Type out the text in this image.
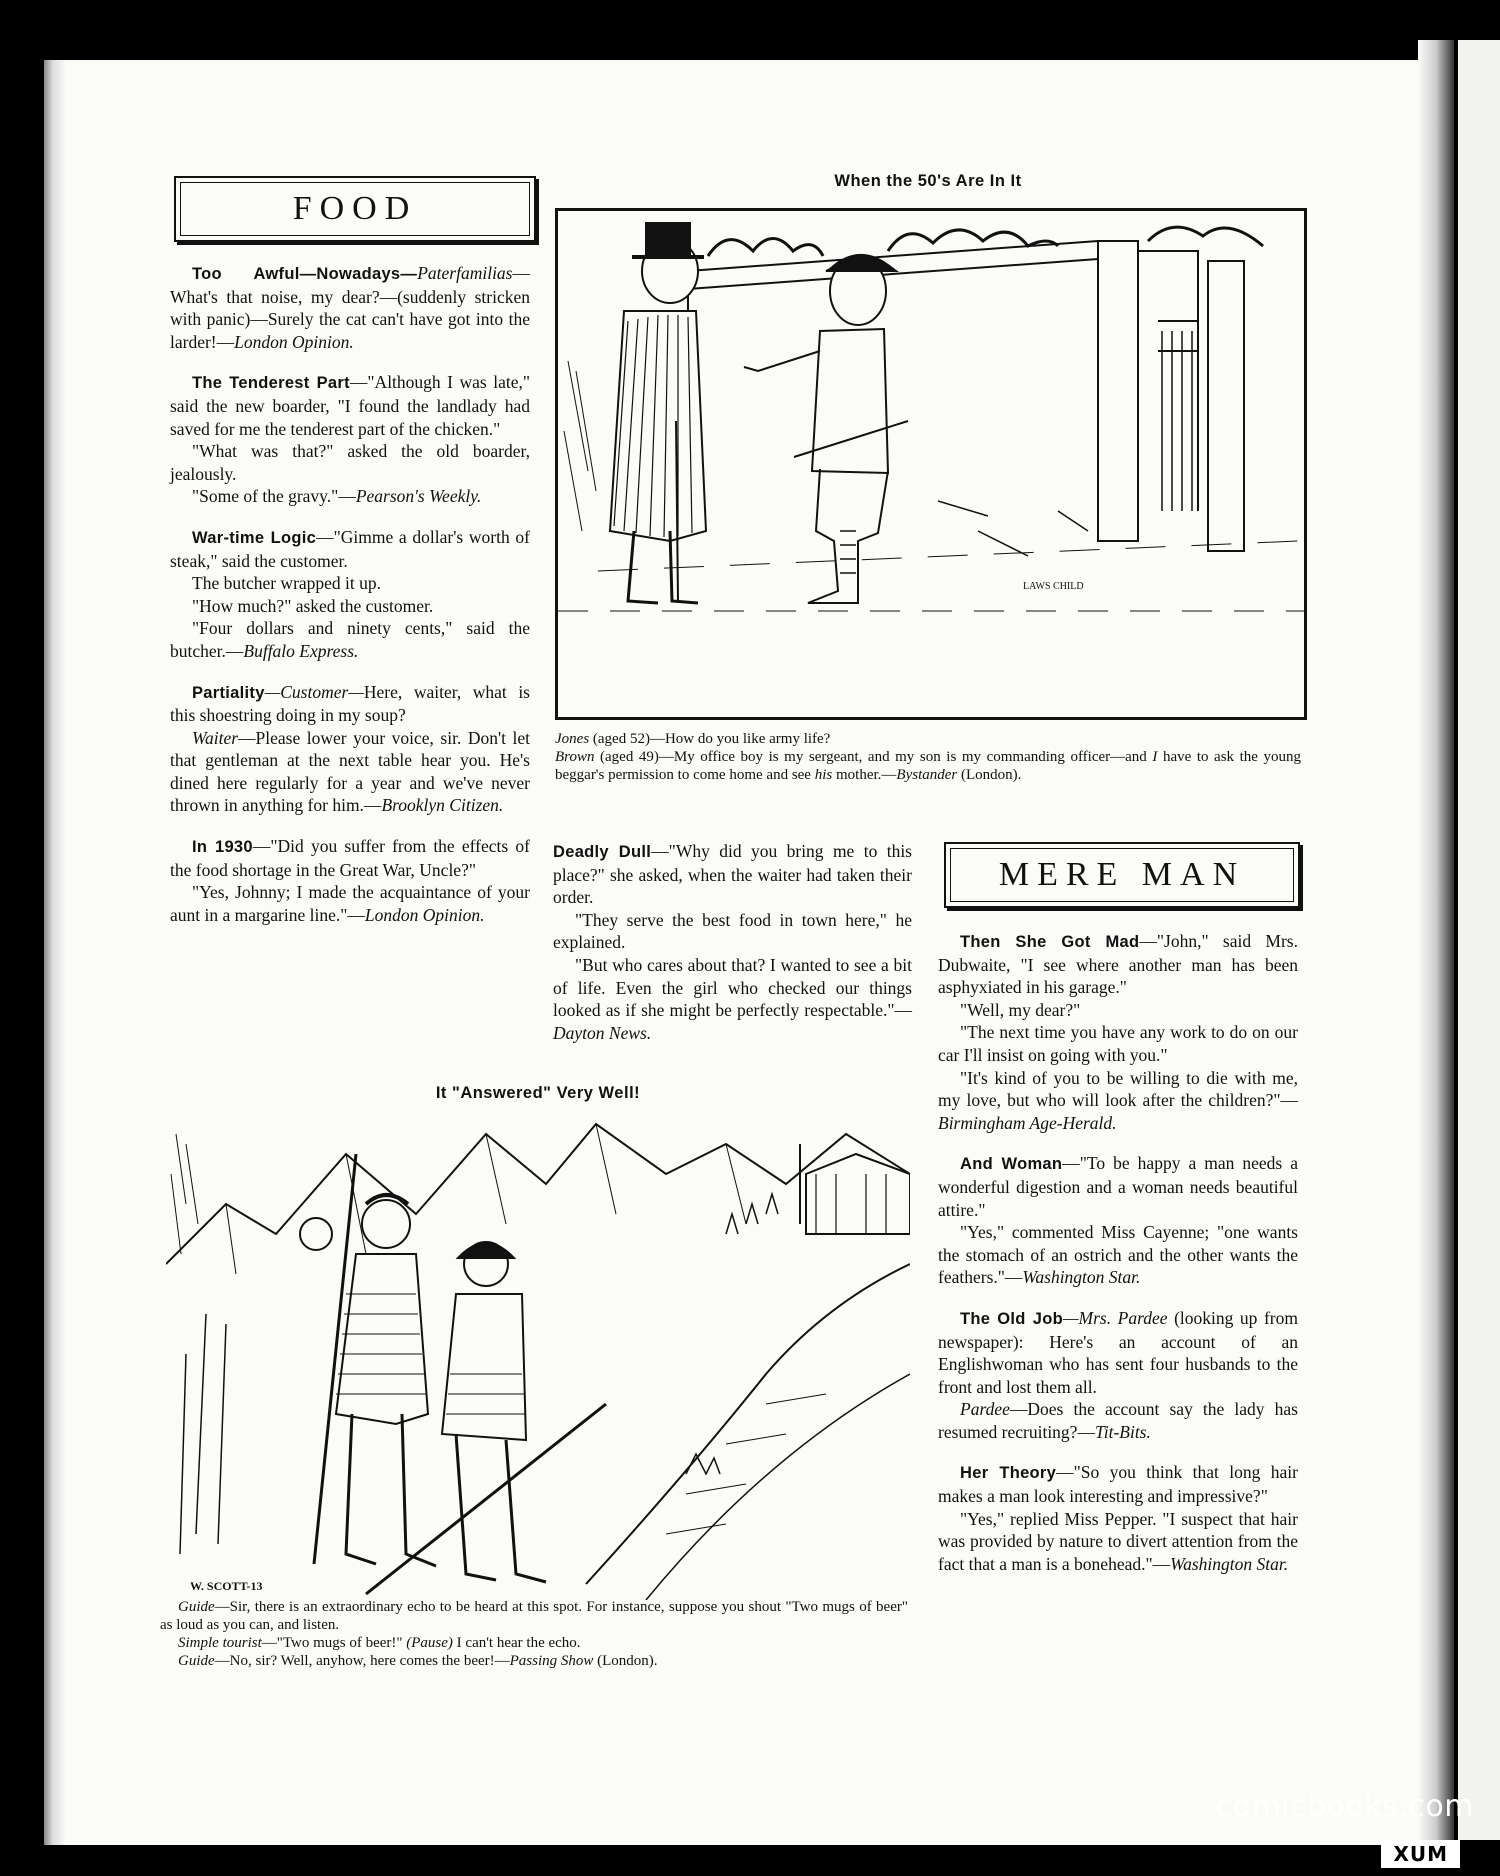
FOOD

Too Awful—Nowadays—Paterfamilias—What's that noise, my dear?—(suddenly stricken with panic)—Surely the cat can't have got into the larder!—London Opinion.

The Tenderest Part—"Although I was late," said the new boarder, "I found the landlady had saved for me the tenderest part of the chicken."

"What was that?" asked the old boarder, jealously.

"Some of the gravy."—Pearson's Weekly.

War-time Logic—"Gimme a dollar's worth of steak," said the customer.

The butcher wrapped it up.

"How much?" asked the customer.

"Four dollars and ninety cents," said the butcher.—Buffalo Express.

Partiality—Customer—Here, waiter, what is this shoestring doing in my soup?

Waiter—Please lower your voice, sir. Don't let that gentleman at the next table hear you. He's dined here regularly for a year and we've never thrown in anything for him.—Brooklyn Citizen.

In 1930—"Did you suffer from the effects of the food shortage in the Great War, Uncle?"

"Yes, Johnny; I made the acquaintance of your aunt in a margarine line."—London Opinion.

When the 50's Are In It
LAWS CHILD
Jones (aged 52)—How do you like army life?
Brown (aged 49)—My office boy is my sergeant, and my son is my commanding officer—and I have to ask the young beggar's permission to come home and see his mother.—Bystander (London).

Deadly Dull—"Why did you bring me to this place?" she asked, when the waiter had taken their order.

"They serve the best food in town here," he explained.

"But who cares about that? I wanted to see a bit of life. Even the girl who checked our things looked as if she might be perfectly respectable."—Dayton News.

MERE MAN

Then She Got Mad—"John," said Mrs. Dubwaite, "I see where another man has been asphyxiated in his garage."

"Well, my dear?"

"The next time you have any work to do on our car I'll insist on going with you."

"It's kind of you to be willing to die with me, my love, but who will look after the children?"—Birmingham Age-Herald.

And Woman—"To be happy a man needs a wonderful digestion and a woman needs beautiful attire."

"Yes," commented Miss Cayenne; "one wants the stomach of an ostrich and the other wants the feathers."—Washington Star.

The Old Job—Mrs. Pardee (looking up from newspaper): Here's an account of an Englishwoman who has sent four husbands to the front and lost them all.

Pardee—Does the account say the lady has resumed recruiting?—Tit-Bits.

Her Theory—"So you think that long hair makes a man look interesting and impressive?"

"Yes," replied Miss Pepper. "I suspect that hair was provided by nature to divert attention from the fact that a man is a bonehead."—Washington Star.

It "Answered" Very Well!
W. SCOTT-13
Guide—Sir, there is an extraordinary echo to be heard at this spot. For instance, suppose you shout "Two mugs of beer" as loud as you can, and listen.
Simple tourist—"Two mugs of beer!" (Pause) I can't hear the echo.
Guide—No, sir? Well, anyhow, here comes the beer!—Passing Show (London).
comicbooks.com
XUM
